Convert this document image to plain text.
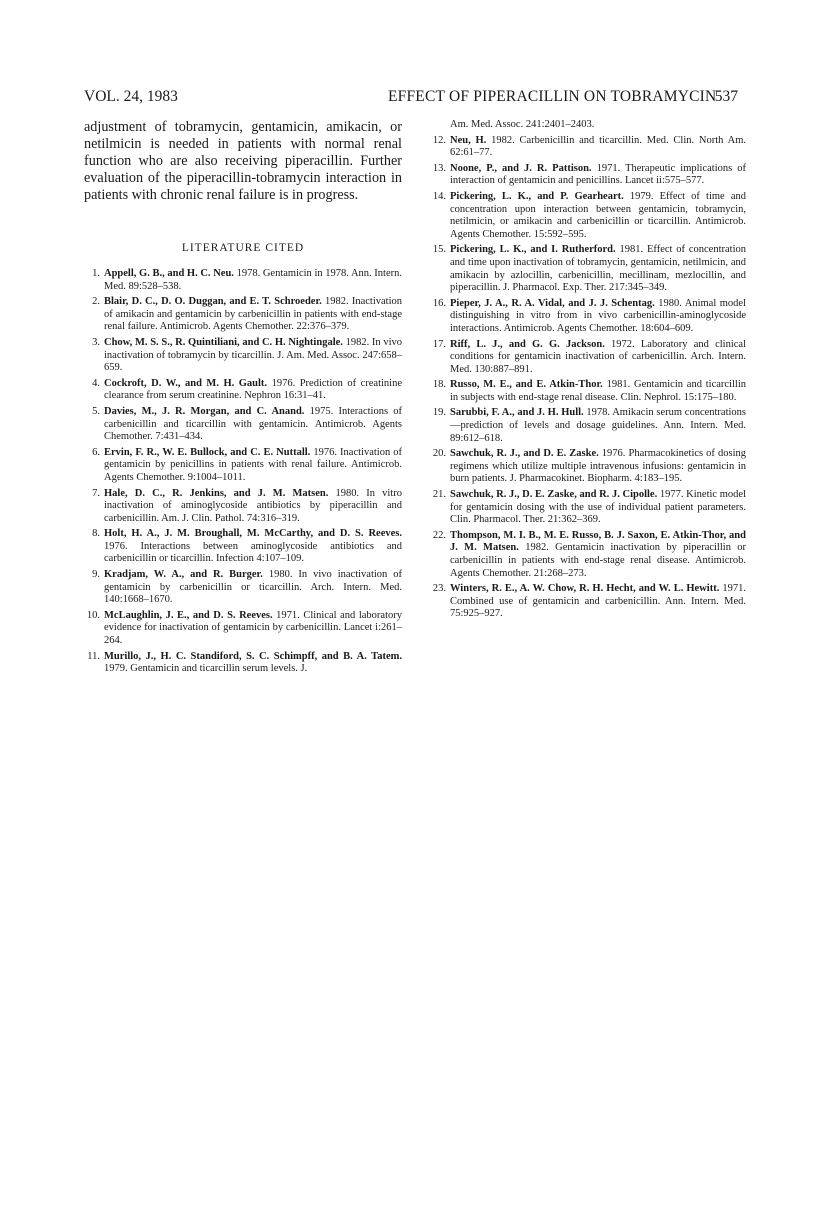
VOL. 24, 1983	EFFECT OF PIPERACILLIN ON TOBRAMYCIN
537

adjustment of tobramycin, gentamicin, amikacin, or netilmicin is needed in patients with normal renal function who are also receiving piperacillin. Further evaluation of the piperacillin-tobramycin interaction in patients with chronic renal failure is in progress.

LITERATURE CITED

1. Appell, G. B., and H. C. Neu. 1978. Gentamicin in 1978. Ann. Intern. Med. 89:528–538.

2. Blair, D. C., D. O. Duggan, and E. T. Schroeder. 1982. Inactivation of amikacin and gentamicin by carbenicillin in patients with end-stage renal failure. Antimicrob. Agents Chemother. 22:376–379.

3. Chow, M. S. S., R. Quintiliani, and C. H. Nightingale. 1982. In vivo inactivation of tobramycin by ticarcillin. J. Am. Med. Assoc. 247:658–659.

4. Cockroft, D. W., and M. H. Gault. 1976. Prediction of creatinine clearance from serum creatinine. Nephron 16:31–41.

5. Davies, M., J. R. Morgan, and C. Anand. 1975. Interactions of carbenicillin and ticarcillin with gentamicin. Antimicrob. Agents Chemother. 7:431–434.

6. Ervin, F. R., W. E. Bullock, and C. E. Nuttall. 1976. Inactivation of gentamicin by penicillins in patients with renal failure. Antimicrob. Agents Chemother. 9:1004–1011.

7. Hale, D. C., R. Jenkins, and J. M. Matsen. 1980. In vitro inactivation of aminoglycoside antibiotics by piperacillin and carbenicillin. Am. J. Clin. Pathol. 74:316–319.

8. Holt, H. A., J. M. Broughall, M. McCarthy, and D. S. Reeves. 1976. Interactions between aminoglycoside antibiotics and carbenicillin or ticarcillin. Infection 4:107–109.

9. Kradjam, W. A., and R. Burger. 1980. In vivo inactivation of gentamicin by carbenicillin or ticarcillin. Arch. Intern. Med. 140:1668–1670.

10. McLaughlin, J. E., and D. S. Reeves. 1971. Clinical and laboratory evidence for inactivation of gentamicin by carbenicillin. Lancet i:261–264.

11. Murillo, J., H. C. Standiford, S. C. Schimpff, and B. A. Tatem. 1979. Gentamicin and ticarcillin serum levels. J.

Am. Med. Assoc. 241:2401–2403.

12. Neu, H. 1982. Carbenicillin and ticarcillin. Med. Clin. North Am. 62:61–77.

13. Noone, P., and J. R. Pattison. 1971. Therapeutic implications of interaction of gentamicin and penicillins. Lancet ii:575–577.

14. Pickering, L. K., and P. Gearheart. 1979. Effect of time and concentration upon interaction between gentamicin, tobramycin, netilmicin, or amikacin and carbenicillin or ticarcillin. Antimicrob. Agents Chemother. 15:592–595.

15. Pickering, L. K., and I. Rutherford. 1981. Effect of concentration and time upon inactivation of tobramycin, gentamicin, netilmicin, and amikacin by azlocillin, carbenicillin, mecillinam, mezlocillin, and piperacillin. J. Pharmacol. Exp. Ther. 217:345–349.

16. Pieper, J. A., R. A. Vidal, and J. J. Schentag. 1980. Animal model distinguishing in vitro from in vivo carbenicillin-aminoglycoside interactions. Antimicrob. Agents Chemother. 18:604–609.

17. Riff, L. J., and G. G. Jackson. 1972. Laboratory and clinical conditions for gentamicin inactivation of carbenicillin. Arch. Intern. Med. 130:887–891.

18. Russo, M. E., and E. Atkin-Thor. 1981. Gentamicin and ticarcillin in subjects with end-stage renal disease. Clin. Nephrol. 15:175–180.

19. Sarubbi, F. A., and J. H. Hull. 1978. Amikacin serum concentrations—prediction of levels and dosage guidelines. Ann. Intern. Med. 89:612–618.

20. Sawchuk, R. J., and D. E. Zaske. 1976. Pharmacokinetics of dosing regimens which utilize multiple intravenous infusions: gentamicin in burn patients. J. Pharmacokinet. Biopharm. 4:183–195.

21. Sawchuk, R. J., D. E. Zaske, and R. J. Cipolle. 1977. Kinetic model for gentamicin dosing with the use of individual patient parameters. Clin. Pharmacol. Ther. 21:362–369.

22. Thompson, M. I. B., M. E. Russo, B. J. Saxon, E. Atkin-Thor, and J. M. Matsen. 1982. Gentamicin inactivation by piperacillin or carbenicillin in patients with end-stage renal disease. Antimicrob. Agents Chemother. 21:268–273.

23. Winters, R. E., A. W. Chow, R. H. Hecht, and W. L. Hewitt. 1971. Combined use of gentamicin and carbenicillin. Ann. Intern. Med. 75:925–927.
